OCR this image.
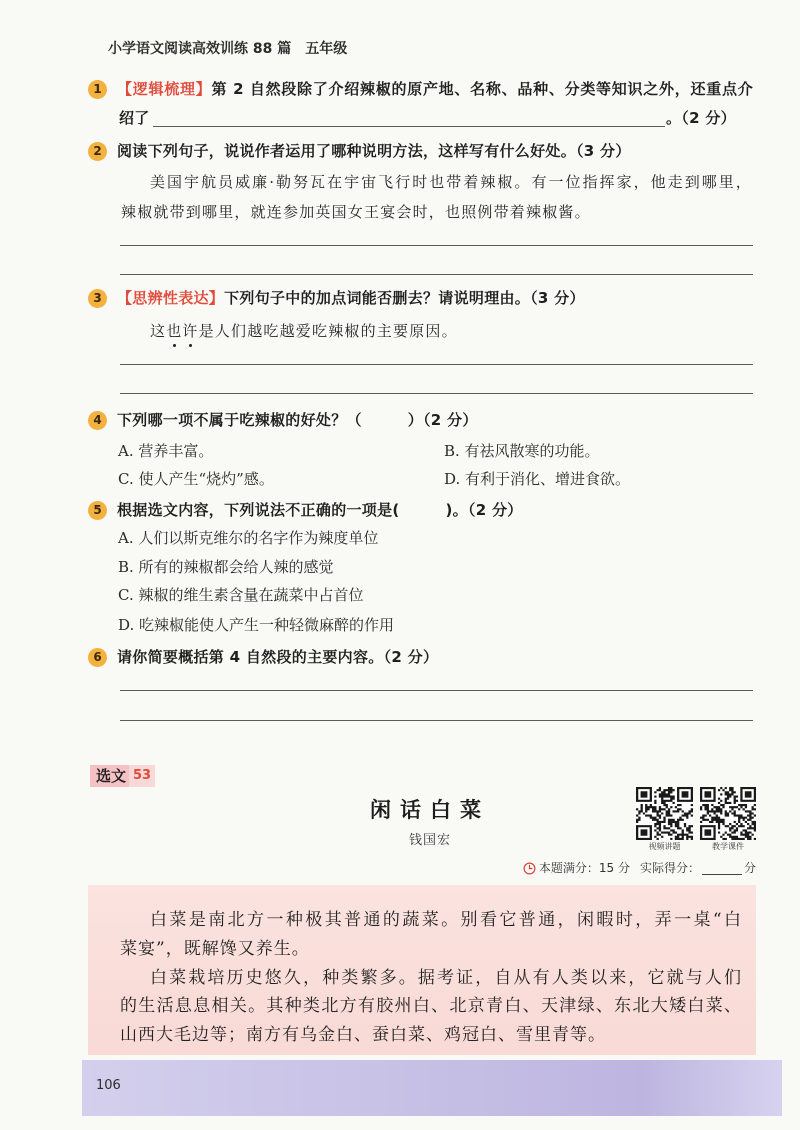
小学语文阅读高效训练 88 篇　五年级
1	【逻辑梳理】第 2 自然段除了介绍辣椒的原产地、名称、品种、分类等知识之外，还重点介
绍了	。（2 分）
2	阅读下列句子，说说作者运用了哪种说明方法，这样写有什么好处。（3 分）
美国宇航员威廉·勒努瓦在宇宙飞行时也带着辣椒。有一位指挥家，他走到哪里，
辣椒就带到哪里，就连参加英国女王宴会时，也照例带着辣椒酱。
3	【思辨性表达】下列句子中的加点词能否删去？请说明理由。（3 分）
这也许是人们越吃越爱吃辣椒的主要原因。
4	下列哪一项不属于吃辣椒的好处？（　　　）（2 分）
A. 营养丰富。	B. 有祛风散寒的功能。
C. 使人产生“烧灼”感。	D. 有利于消化、增进食欲。
5	根据选文内容，下列说法不正确的一项是(　　　)。（2 分）
A. 人们以斯克维尔的名字作为辣度单位
B. 所有的辣椒都会给人辣的感觉
C. 辣椒的维生素含量在蔬菜中占首位
D. 吃辣椒能使人产生一种轻微麻醉的作用
6	请你简要概括第 4 自然段的主要内容。（2 分）
选文 53
闲话白菜
钱国宏	视频讲题	教学课件
本题满分：15 分 实际得分：	分
白菜是南北方一种极其普通的蔬菜。别看它普通，闲暇时，弄一桌“白
菜宴”，既解馋又养生。
白菜栽培历史悠久，种类繁多。据考证，自从有人类以来，它就与人们
的生活息息相关。其种类北方有胶州白、北京青白、天津绿、东北大矮白菜、
山西大毛边等；南方有乌金白、蚕白菜、鸡冠白、雪里青等。
106
